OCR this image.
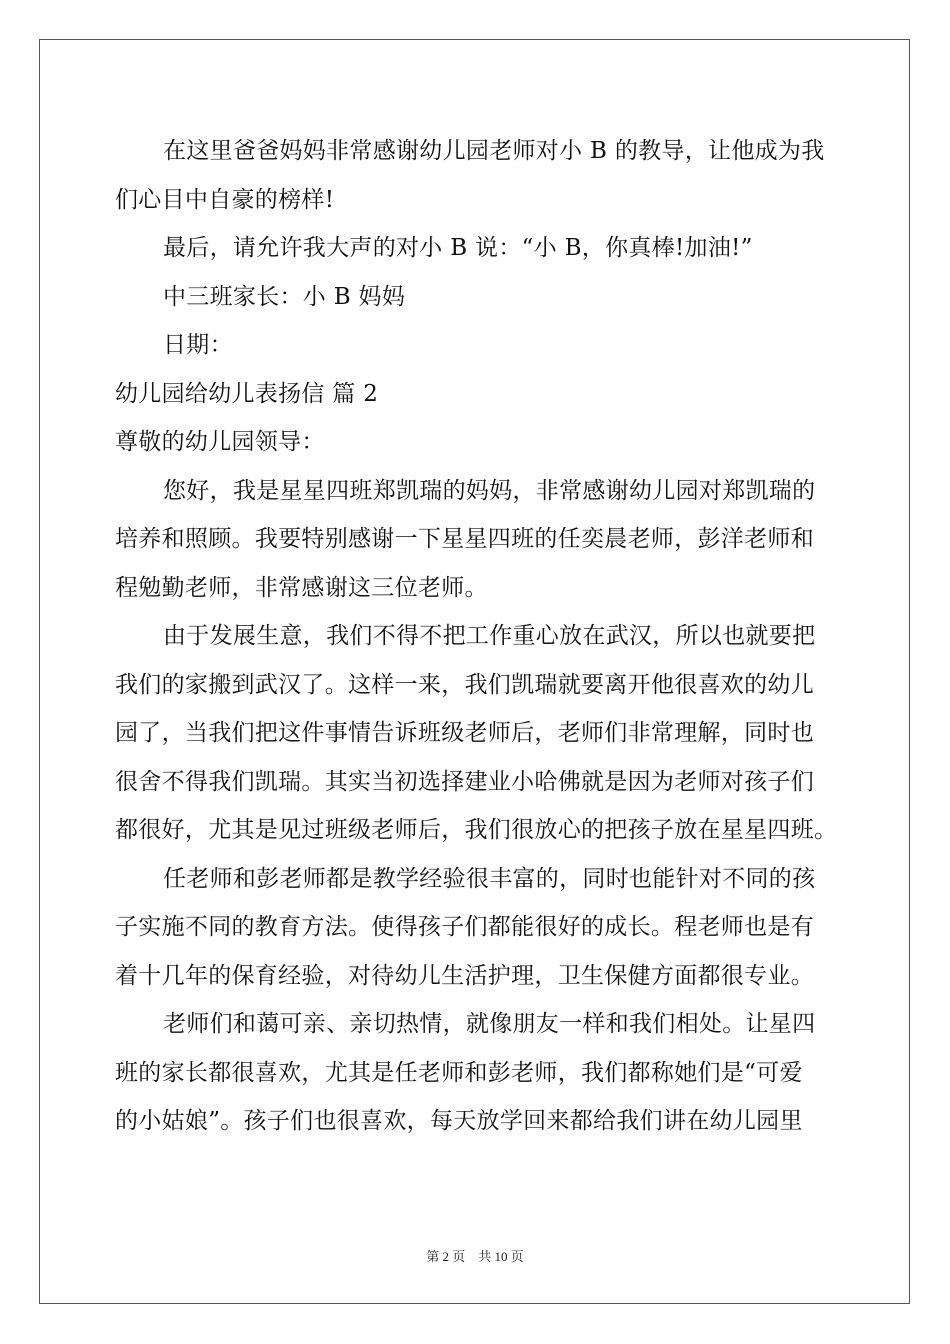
在这里爸爸妈妈非常感谢幼儿园老师对小 B 的教导，让他成为我
们心目中自豪的榜样!
最后，请允许我大声的对小 B 说：“小 B，你真棒!加油!”
中三班家长：小 B 妈妈
日期：
幼儿园给幼儿表扬信 篇 2
尊敬的幼儿园领导：
您好，我是星星四班郑凯瑞的妈妈，非常感谢幼儿园对郑凯瑞的
培养和照顾。我要特别感谢一下星星四班的任奕晨老师，彭洋老师和
程勉勤老师，非常感谢这三位老师。
由于发展生意，我们不得不把工作重心放在武汉，所以也就要把
我们的家搬到武汉了。这样一来，我们凯瑞就要离开他很喜欢的幼儿
园了，当我们把这件事情告诉班级老师后，老师们非常理解，同时也
很舍不得我们凯瑞。其实当初选择建业小哈佛就是因为老师对孩子们
都很好，尤其是见过班级老师后，我们很放心的把孩子放在星星四班。
任老师和彭老师都是教学经验很丰富的，同时也能针对不同的孩
子实施不同的教育方法。使得孩子们都能很好的成长。程老师也是有
着十几年的保育经验，对待幼儿生活护理，卫生保健方面都很专业。
老师们和蔼可亲、亲切热情，就像朋友一样和我们相处。让星四
班的家长都很喜欢，尤其是任老师和彭老师，我们都称她们是“可爱
的小姑娘”。孩子们也很喜欢，每天放学回来都给我们讲在幼儿园里
第 2 页    共 10 页
